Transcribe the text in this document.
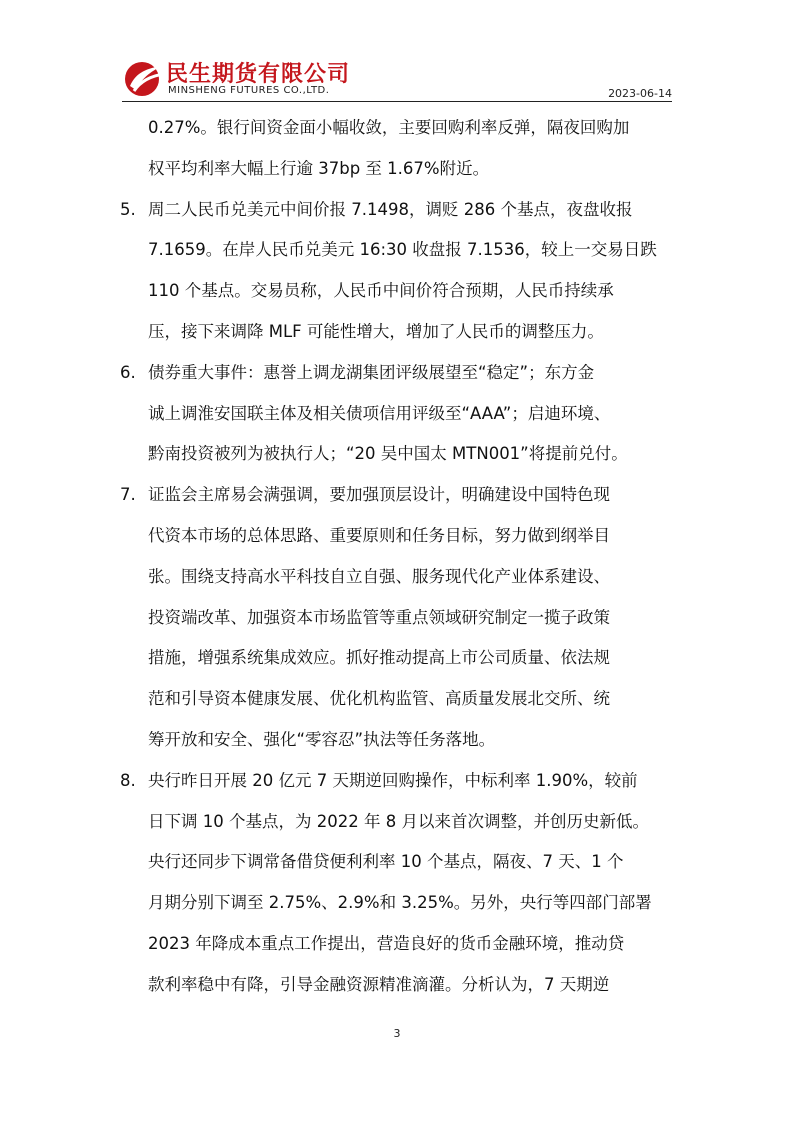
民生期货有限公司
MINSHENG FUTURES CO.,LTD.	2023-06-14
0.27%。银行间资金面小幅收敛，主要回购利率反弹，隔夜回购加
权平均利率大幅上行逾 37bp 至 1.67%附近。
5. 周二人民币兑美元中间价报 7.1498，调贬 286 个基点，夜盘收报
7.1659。在岸人民币兑美元 16:30 收盘报 7.1536，较上一交易日跌
110 个基点。交易员称，人民币中间价符合预期，人民币持续承
压，接下来调降 MLF 可能性增大，增加了人民币的调整压力。
6. 债券重大事件：惠誉上调龙湖集团评级展望至“稳定”；东方金
诚上调淮安国联主体及相关债项信用评级至“AAA”；启迪环境、
黔南投资被列为被执行人；“20 吴中国太 MTN001”将提前兑付。
7. 证监会主席易会满强调，要加强顶层设计，明确建设中国特色现
代资本市场的总体思路、重要原则和任务目标，努力做到纲举目
张。围绕支持高水平科技自立自强、服务现代化产业体系建设、
投资端改革、加强资本市场监管等重点领域研究制定一揽子政策
措施，增强系统集成效应。抓好推动提高上市公司质量、依法规
范和引导资本健康发展、优化机构监管、高质量发展北交所、统
筹开放和安全、强化“零容忍”执法等任务落地。
8. 央行昨日开展 20 亿元 7 天期逆回购操作，中标利率 1.90%，较前
日下调 10 个基点，为 2022 年 8 月以来首次调整，并创历史新低。
央行还同步下调常备借贷便利利率 10 个基点，隔夜、7 天、1 个
月期分别下调至 2.75%、2.9%和 3.25%。另外，央行等四部门部署
2023 年降成本重点工作提出，营造良好的货币金融环境，推动贷
款利率稳中有降，引导金融资源精准滴灌。分析认为，7 天期逆
3
